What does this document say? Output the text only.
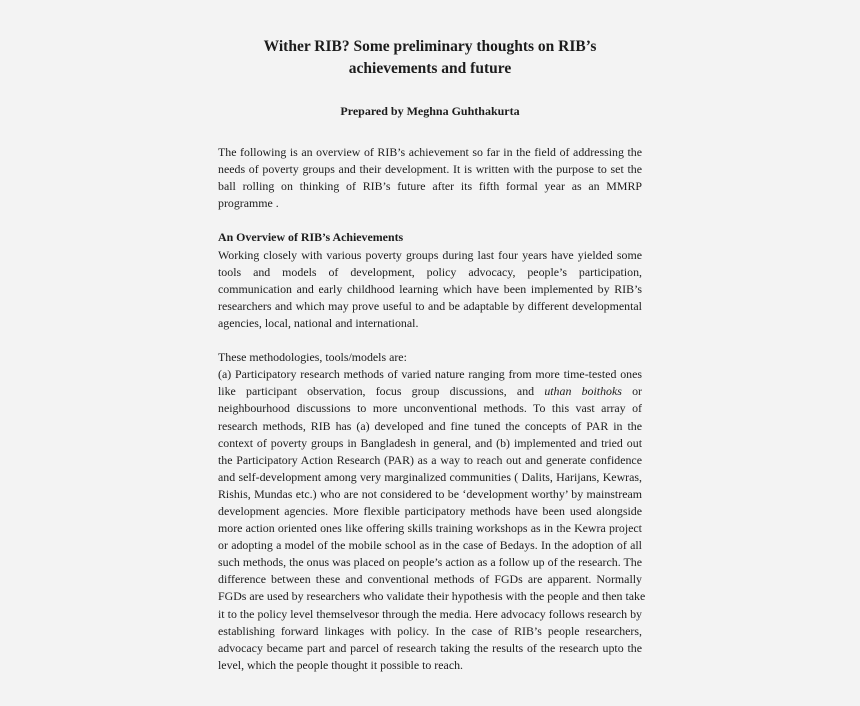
Wither RIB? Some preliminary thoughts on RIB’s
achievements and future
Prepared by Meghna Guhthakurta
The following is an overview of RIB’s achievement so far in the field of addressing the
needs of poverty groups and their development. It is written with the purpose to set the
ball rolling on thinking of RIB’s future after its fifth formal year as an MMRP
programme .
An Overview of RIB’s Achievements
Working closely with various poverty groups during last four years have yielded some
tools and models of development, policy advocacy, people’s participation,
communication and early childhood learning which have been implemented by RIB’s
researchers and which may prove useful to and be adaptable by different developmental
agencies, local, national and international.
These methodologies, tools/models are:
(a) Participatory research methods of varied nature ranging from more time-tested ones
like participant observation, focus group discussions, and uthan boithoks or
neighbourhood discussions to more unconventional methods. To this vast array of
research methods, RIB has (a) developed and fine tuned the concepts of PAR in the
context of poverty groups in Bangladesh in general, and (b) implemented and tried out
the Participatory Action Research (PAR) as a way to reach out and generate confidence
and self-development among very marginalized communities ( Dalits, Harijans, Kewras,
Rishis, Mundas etc.) who are not considered to be ‘development worthy’ by mainstream
development agencies. More flexible participatory methods have been used alongside
more action oriented ones like offering skills training workshops as in the Kewra project
or adopting a model of the mobile school as in the case of Bedays. In the adoption of all
such methods, the onus was placed on people’s action as a follow up of the research. The
difference between these and conventional methods of FGDs are apparent. Normally
FGDs are used by researchers who validate their hypothesis with the people and then take
it to the policy level themselvesor through the media. Here advocacy follows research by
establishing forward linkages with policy. In the case of RIB’s people researchers,
advocacy became part and parcel of research taking the results of the research upto the
level, which the people thought it possible to reach.
